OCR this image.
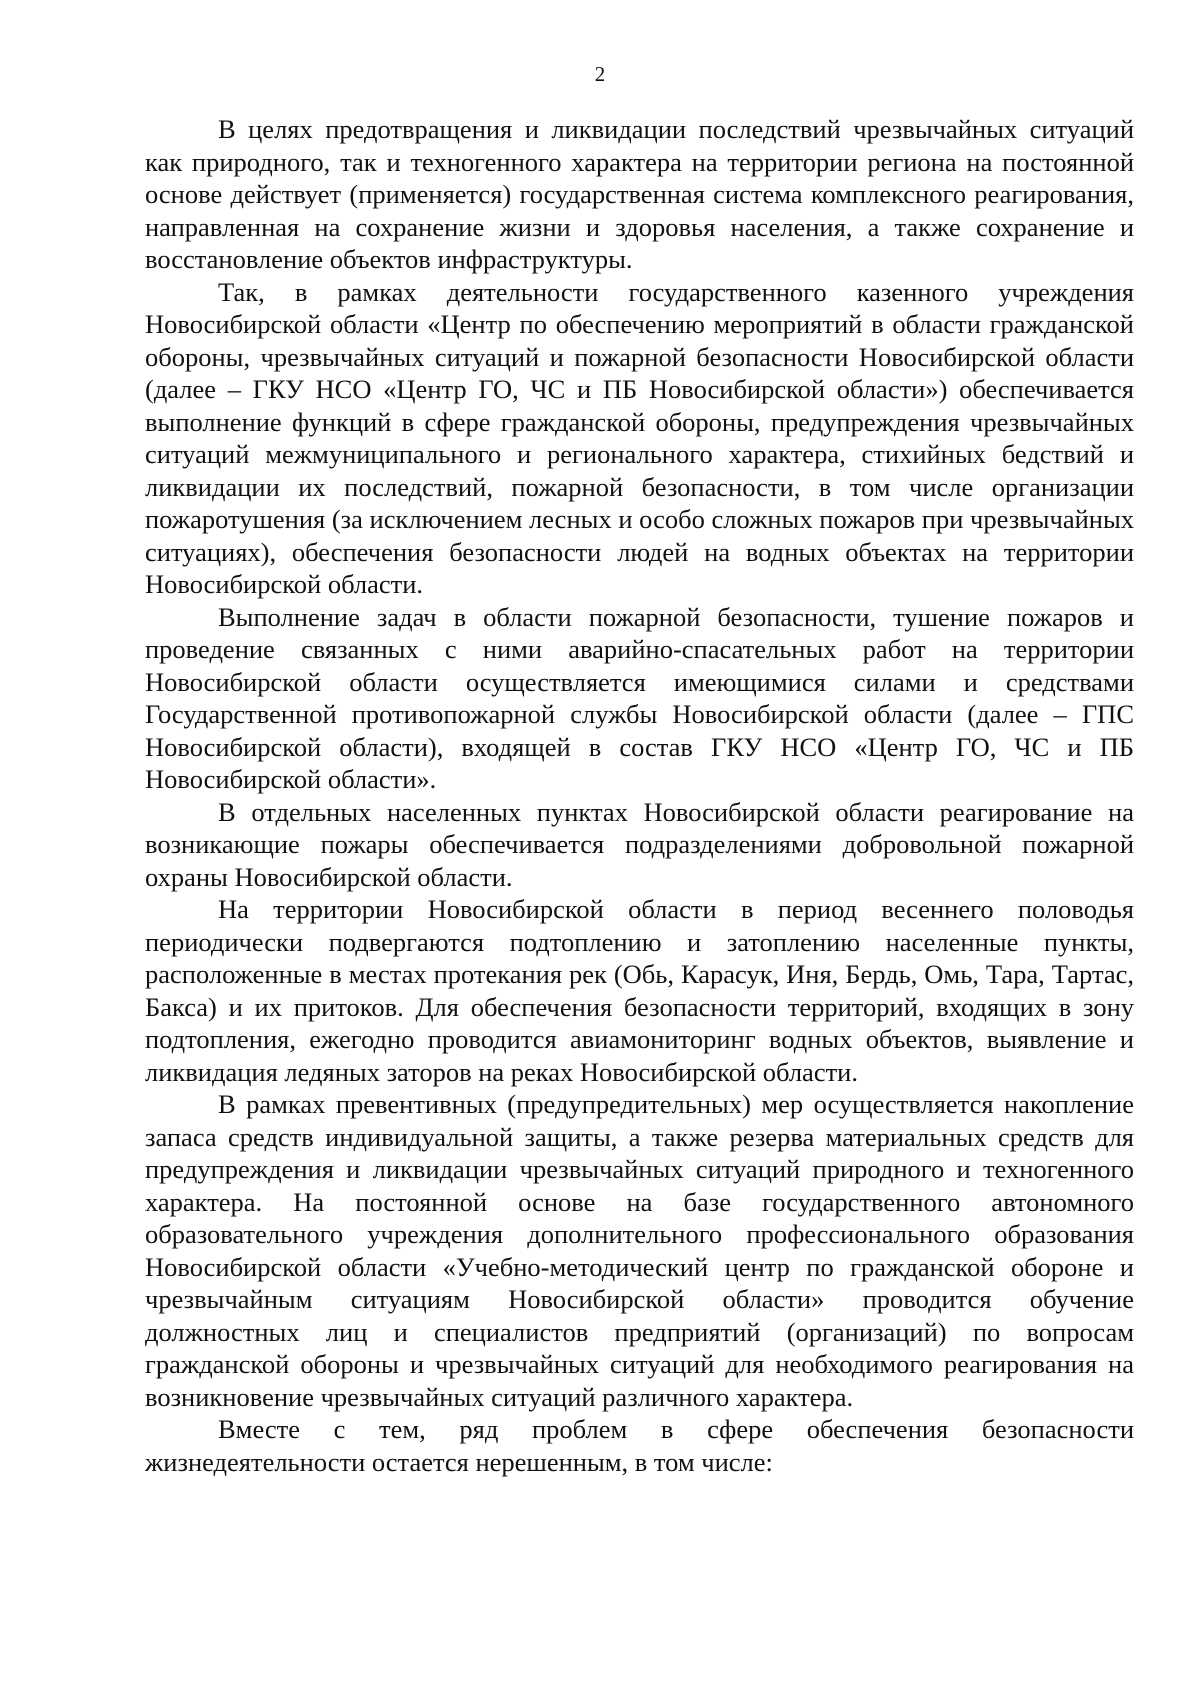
2

В целях предотвращения и ликвидации последствий чрезвычайных ситуаций как природного, так и техногенного характера на территории региона на постоянной основе действует (применяется) государственная система комплексного реагирования, направленная на сохранение жизни и здоровья населения, а также сохранение и восстановление объектов инфраструктуры.

Так, в рамках деятельности государственного казенного учреждения Новосибирской области «Центр по обеспечению мероприятий в области гражданской обороны, чрезвычайных ситуаций и пожарной безопасности Новосибирской области (далее – ГКУ НСО «Центр ГО, ЧС и ПБ Новосибирской области») обеспечивается выполнение функций в сфере гражданской обороны, предупреждения чрезвычайных ситуаций межмуниципального и регионального характера, стихийных бедствий и ликвидации их последствий, пожарной безопасности, в том числе организации пожаротушения (за исключением лесных и особо сложных пожаров при чрезвычайных ситуациях), обеспечения безопасности людей на водных объектах на территории Новосибирской области.

Выполнение задач в области пожарной безопасности, тушение пожаров и проведение связанных с ними аварийно-спасательных работ на территории Новосибирской области осуществляется имеющимися силами и средствами Государственной противопожарной службы Новосибирской области (далее – ГПС Новосибирской области), входящей в состав ГКУ НСО «Центр ГО, ЧС и ПБ Новосибирской области».

В отдельных населенных пунктах Новосибирской области реагирование на возникающие пожары обеспечивается подразделениями добровольной пожарной охраны Новосибирской области.

На территории Новосибирской области в период весеннего половодья периодически подвергаются подтоплению и затоплению населенные пункты, расположенные в местах протекания рек (Обь, Карасук, Иня, Бердь, Омь, Тара, Тартас, Бакса) и их притоков. Для обеспечения безопасности территорий, входящих в зону подтопления, ежегодно проводится авиамониторинг водных объектов, выявление и ликвидация ледяных заторов на реках Новосибирской области.

В рамках превентивных (предупредительных) мер осуществляется накопление запаса средств индивидуальной защиты, а также резерва материальных средств для предупреждения и ликвидации чрезвычайных ситуаций природного и техногенного характера. На постоянной основе на базе государственного автономного образовательного учреждения дополнительного профессионального образования Новосибирской области «Учебно-методический центр по гражданской обороне и чрезвычайным ситуациям Новосибирской области» проводится обучение должностных лиц и специалистов предприятий (организаций) по вопросам гражданской обороны и чрезвычайных ситуаций для необходимого реагирования на возникновение чрезвычайных ситуаций различного характера.

Вместе с тем, ряд проблем в сфере обеспечения безопасности жизнедеятельности остается нерешенным, в том числе:
